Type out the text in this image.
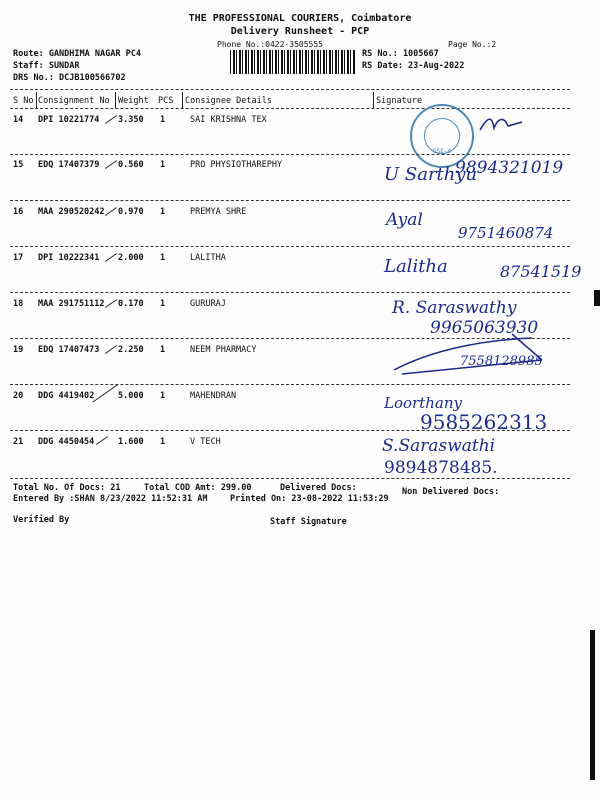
THE PROFESSIONAL COURIERS, Coimbatore
Delivery Runsheet - PCP
Phone No.:0422-3505555	Page No.:2
Route: GANDHIMA NAGAR PC4
Staff: SUNDAR
DRS No.: DCJB100566702
RS No.: 1005667
RS Date: 23-Aug-2022
S No Consignment No Weight PCS Consignee Details	Signature
14 DPI 10221774 3.350 1	SAI KRISHNA TEX
GSE-4
15 EDQ 17407379 0.560 1	PRO PHYSIOTHAREPHY	U Sarthyu
9894321019
16 MAA 290520242 0.970 1	PREMYA SHRE	Ayal
9751460874
17 DPI 10222341 2.000 1	LALITHA	Lalitha	87541519
18 MAA 291751112 0.170 1	GURURAJ	R. Saraswathy
9965063930
19 EDQ 17407473 2.250 1	NEEM PHARMACY
7558128985
20 DDG 4419402	5.000 1	MAHENDRAN	Loorthany
9585262313
21 DDG 4450454	1.600 1	V TECH	S.Saraswathi
9894878485.
Total No. Of Docs: 21	Total COD Amt: 299.00	Delivered Docs:	Non Delivered Docs:
Entered By :SHAN 8/23/2022 11:52:31 AM	Printed On: 23-08-2022 11:53:29
Verified By	Staff Signature
